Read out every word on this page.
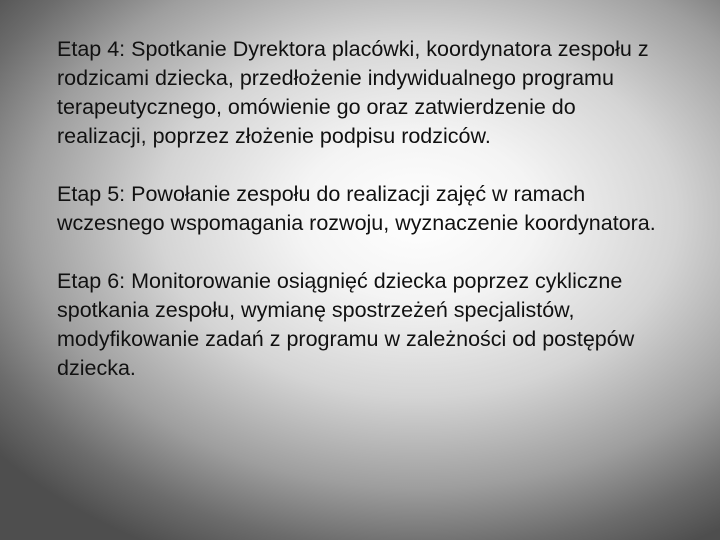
Etap 4: Spotkanie Dyrektora placówki, koordynatora zespołu z rodzicami dziecka, przedłożenie indywidualnego programu terapeutycznego, omówienie go oraz zatwierdzenie do realizacji, poprzez złożenie podpisu rodziców.

Etap 5: Powołanie zespołu do realizacji zajęć w ramach wczesnego wspomagania rozwoju, wyznaczenie koordynatora.

Etap 6: Monitorowanie osiągnięć dziecka poprzez cykliczne spotkania zespołu, wymianę spostrzeżeń specjalistów, modyfikowanie zadań z programu w zależności od postępów dziecka.
